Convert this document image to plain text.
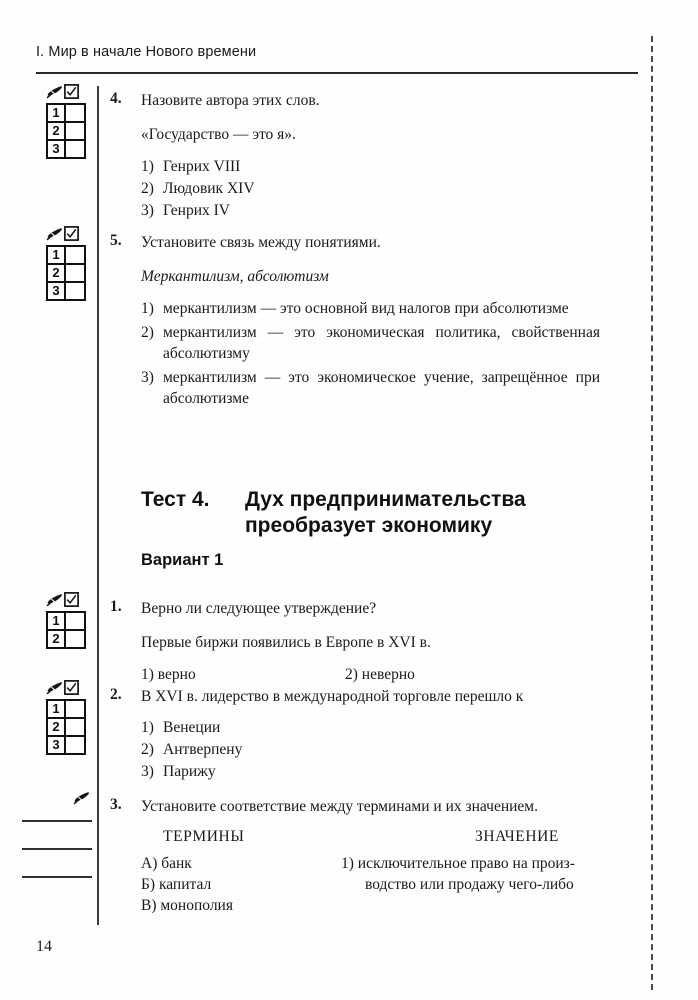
I. Мир в начале Нового времени
1
2
3
4.	Назовите автора этих слов.

«Государство — это я».

1) Генрих VIII
2) Людовик XIV
3) Генрих IV
1
2
3
5.	Установите связь между понятиями.

Меркантилизм, абсолютизм

1) меркантилизм — это основной вид налогов при абсолютизме
2) меркантилизм — это экономическая политика, свойственная абсолютизму
3) меркантилизм — это экономическое учение, запрещённое при абсолютизме
Тест 4.	Дух предпринимательства
преобразует экономику
Вариант 1
1
2
1.	Верно ли следующее утверждение?

Первые биржи появились в Европе в XVI в.

1) верно	2) неверно
1
2
3
2.	В XVI в. лидерство в международной торговле перешло к

1) Венеции
2) Антверпену
3) Парижу
3.	Установите соответствие между терминами и их значением.

ТЕРМИНЫ	ЗНАЧЕНИЕ
А) банк	1) исключительное право на произ-
Б) капитал	водство или продажу чего-либо
В) монополия
14
